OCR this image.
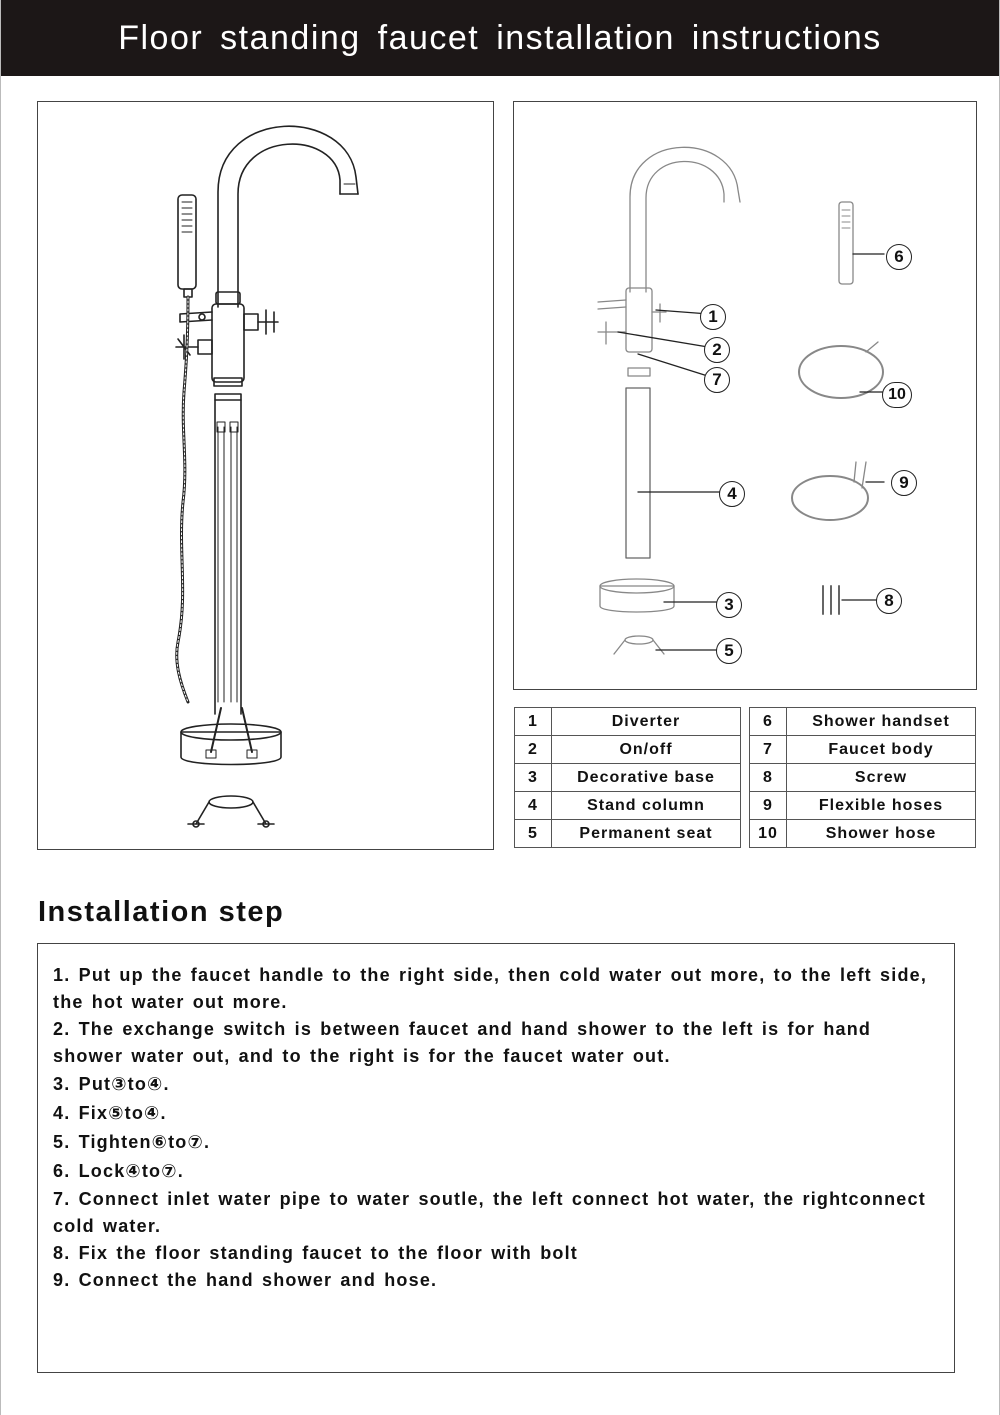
Floor standing faucet installation instructions
6
1
2
7
10
9
4
3	8
5
1	Diverter
2	On/off
3	Decorative base
4	Stand column
5	Permanent seat
6	Shower handset
7	Faucet body
8	Screw
9	Flexible hoses
10	Shower hose
Installation step

1. Put up the faucet handle to the right side, then cold water out more, to the left side, the hot water out more.

2. The exchange switch is between faucet and hand shower to the left is for hand shower water out, and to the right is for the faucet water out.

3. Put③to④.

4. Fix⑤to④.

5. Tighten⑥to⑦.

6. Lock④to⑦.

7. Connect inlet water pipe to water soutle, the left connect hot water, the rightconnect cold water.

8. Fix the floor standing faucet to the floor with bolt

9. Connect the hand shower and hose.
